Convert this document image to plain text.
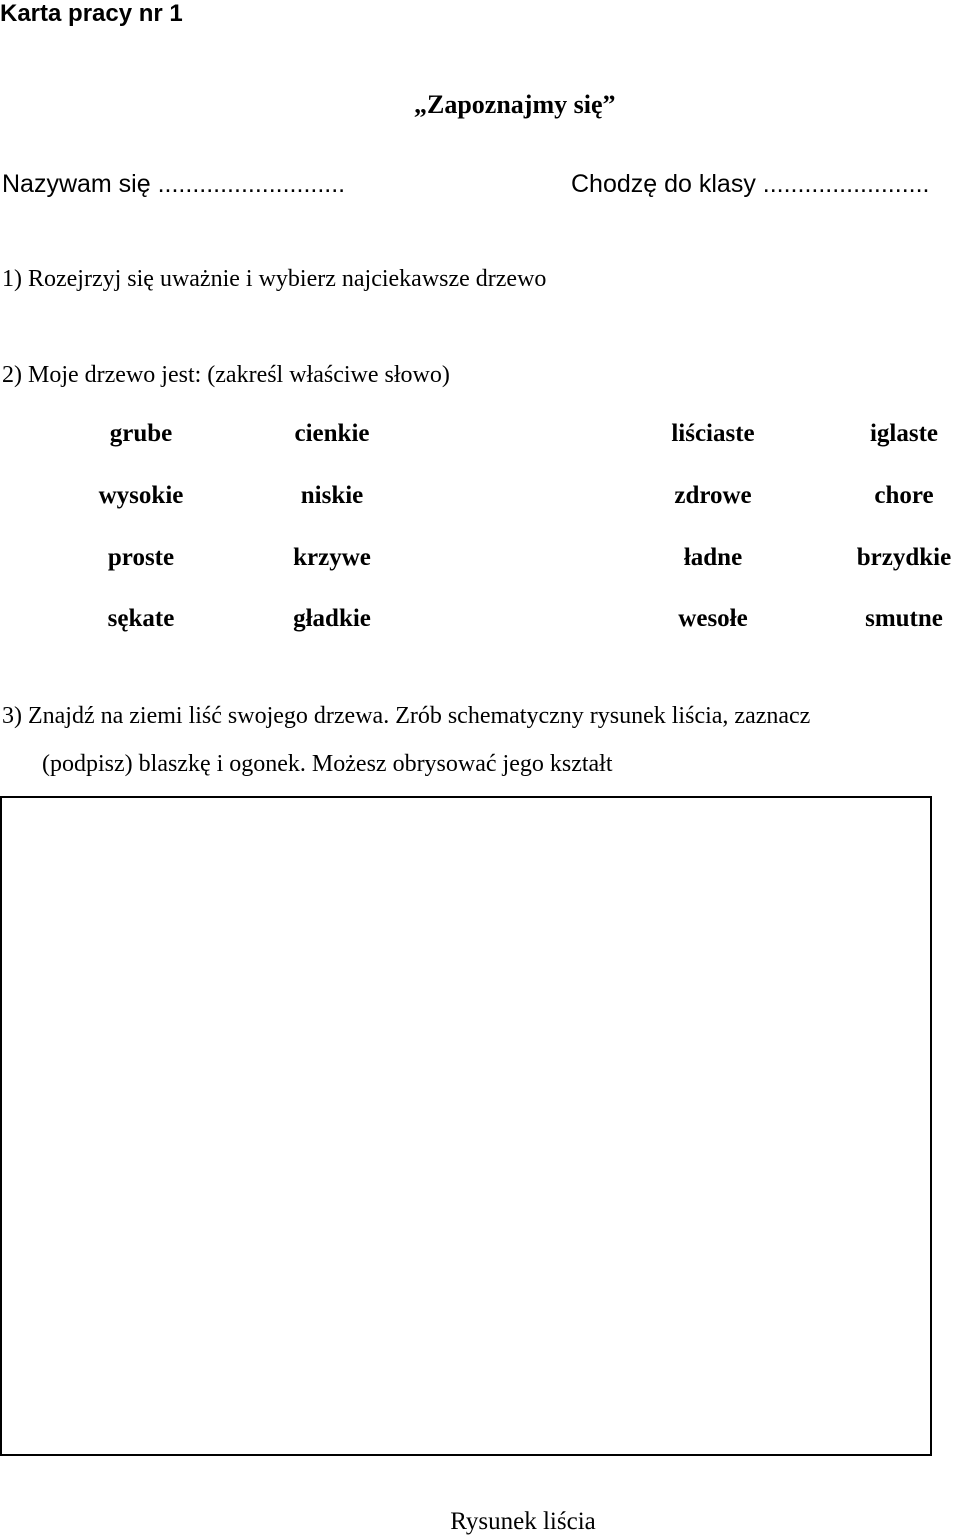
Karta pracy nr 1
„Zapoznajmy się”
Nazywam się ...........................	Chodzę do klasy ........................
1) Rozejrzyj się uważnie i wybierz najciekawsze drzewo
2) Moje drzewo jest: (zakreśl właściwe słowo)
grube	cienkie	liściaste	iglaste
wysokie	niskie	zdrowe	chore
proste	krzywe	ładne	brzydkie
sękate	gładkie	wesołe	smutne
3) Znajdź na ziemi liść swojego drzewa. Zrób schematyczny rysunek liścia, zaznacz
(podpisz) blaszkę i ogonek. Możesz obrysować jego kształt
Rysunek liścia
